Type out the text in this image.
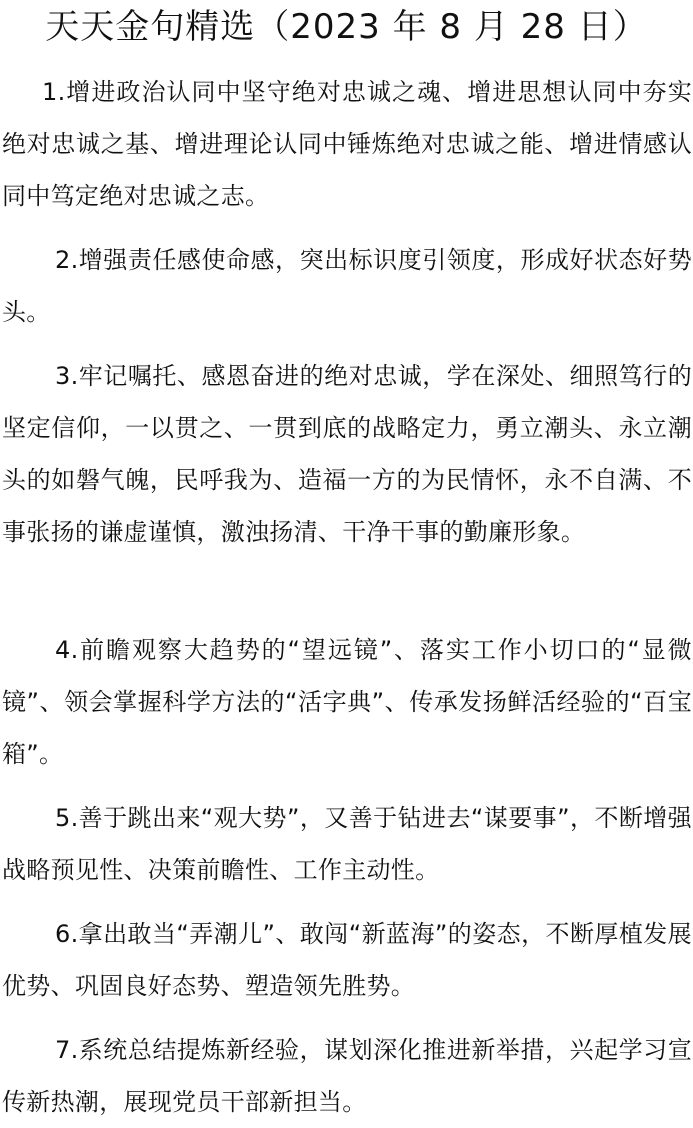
天天金句精选（2023 年 8 月 28 日）

1.增进政治认同中坚守绝对忠诚之魂、增进思想认同中夯实绝对忠诚之基、增进理论认同中锤炼绝对忠诚之能、增进情感认同中笃定绝对忠诚之志。

2.增强责任感使命感，突出标识度引领度，形成好状态好势头。

3.牢记嘱托、感恩奋进的绝对忠诚，学在深处、细照笃行的坚定信仰，一以贯之、一贯到底的战略定力，勇立潮头、永立潮头的如磐气魄，民呼我为、造福一方的为民情怀，永不自满、不事张扬的谦虚谨慎，激浊扬清、干净干事的勤廉形象。

4.前瞻观察大趋势的“望远镜”、落实工作小切口的“显微镜”、领会掌握科学方法的“活字典”、传承发扬鲜活经验的“百宝箱”。

5.善于跳出来“观大势”，又善于钻进去“谋要事”，不断增强战略预见性、决策前瞻性、工作主动性。

6.拿出敢当“弄潮儿”、敢闯“新蓝海”的姿态，不断厚植发展优势、巩固良好态势、塑造领先胜势。

7.系统总结提炼新经验，谋划深化推进新举措，兴起学习宣传新热潮，展现党员干部新担当。
